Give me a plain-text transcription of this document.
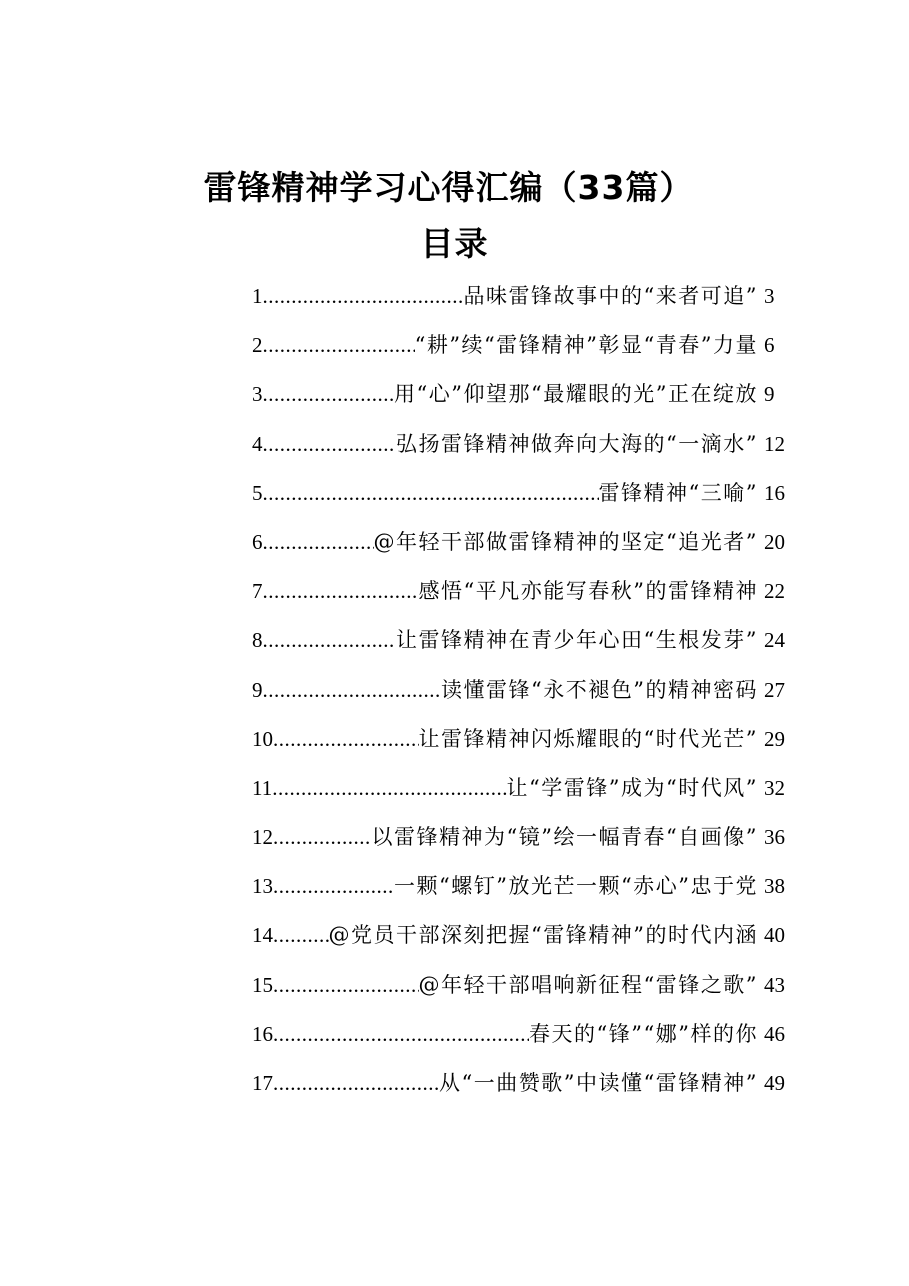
雷锋精神学习心得汇编（33篇）
目录
1 .....	品味雷锋故事中的“来者可追” 3
2 .....	“耕”续“雷锋精神”彰显“青春”力量 6
3 .....	用“心”仰望那“最耀眼的光”正在绽放 9
4 .....	弘扬雷锋精神做奔向大海的“一滴水” 12
5 .....	雷锋精神“三喻” 16
6 .....	@年轻干部做雷锋精神的坚定“追光者” 20
7 .....	感悟“平凡亦能写春秋”的雷锋精神 22
8 .....	让雷锋精神在青少年心田“生根发芽” 24
9 .....	读懂雷锋“永不褪色”的精神密码 27
10 .....	让雷锋精神闪烁耀眼的“时代光芒” 29
11 .....	让“学雷锋”成为“时代风” 32
12 .....	以雷锋精神为“镜”绘一幅青春“自画像” 36
13 .....	一颗“螺钉”放光芒一颗“赤心”忠于党 38
14 .....	@党员干部深刻把握“雷锋精神”的时代内涵 40
15 .....	@年轻干部唱响新征程“雷锋之歌” 43
16 .....	春天的“锋”“娜”样的你 46
17 .....	从“一曲赞歌”中读懂“雷锋精神” 49
